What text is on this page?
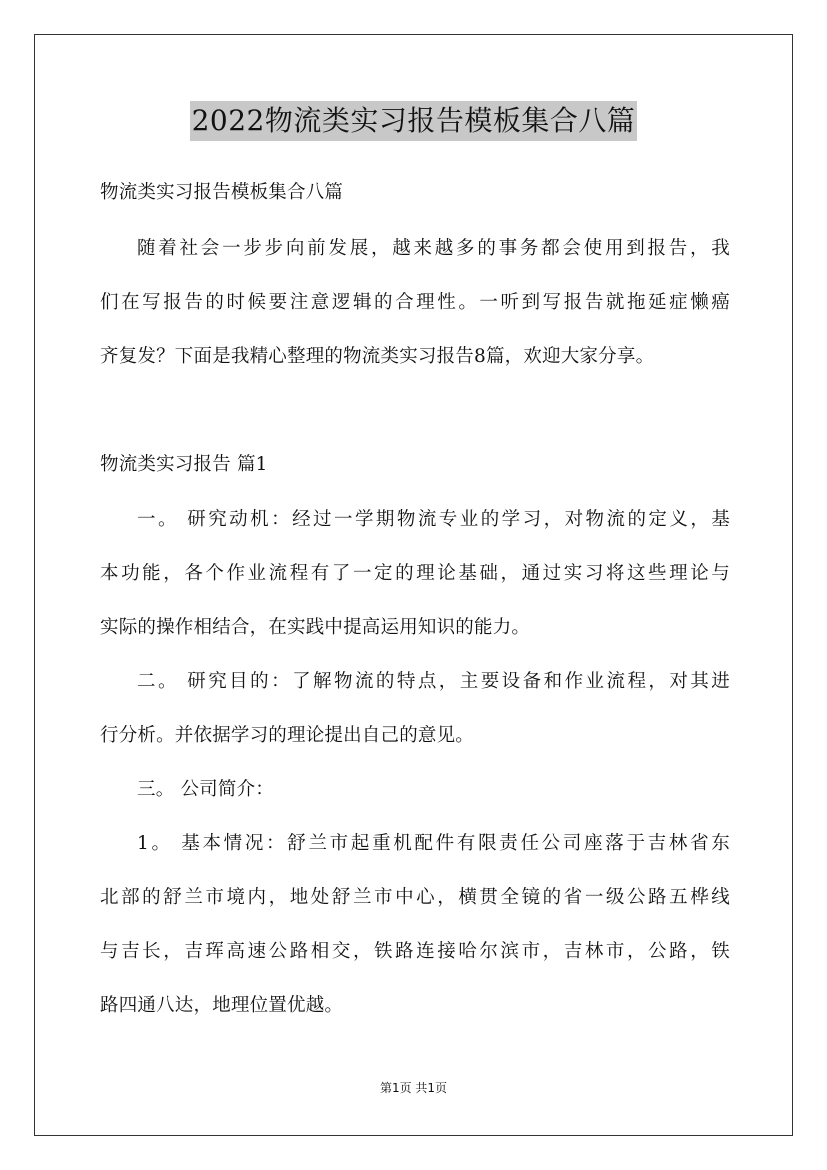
2022物流类实习报告模板集合八篇
物流类实习报告模板集合八篇
随着社会一步步向前发展，越来越多的事务都会使用到报告，我
们在写报告的时候要注意逻辑的合理性。一听到写报告就拖延症懒癌
齐复发？下面是我精心整理的物流类实习报告8篇，欢迎大家分享。
物流类实习报告 篇1
一。 研究动机：经过一学期物流专业的学习，对物流的定义，基
本功能，各个作业流程有了一定的理论基础，通过实习将这些理论与
实际的操作相结合，在实践中提高运用知识的能力。
二。 研究目的：了解物流的特点，主要设备和作业流程，对其进
行分析。并依据学习的理论提出自己的意见。
三。 公司简介：
1。 基本情况：舒兰市起重机配件有限责任公司座落于吉林省东
北部的舒兰市境内，地处舒兰市中心，横贯全镜的省一级公路五桦线
与吉长，吉珲高速公路相交，铁路连接哈尔滨市，吉林市，公路，铁
路四通八达，地理位置优越。
第1页 共1页
